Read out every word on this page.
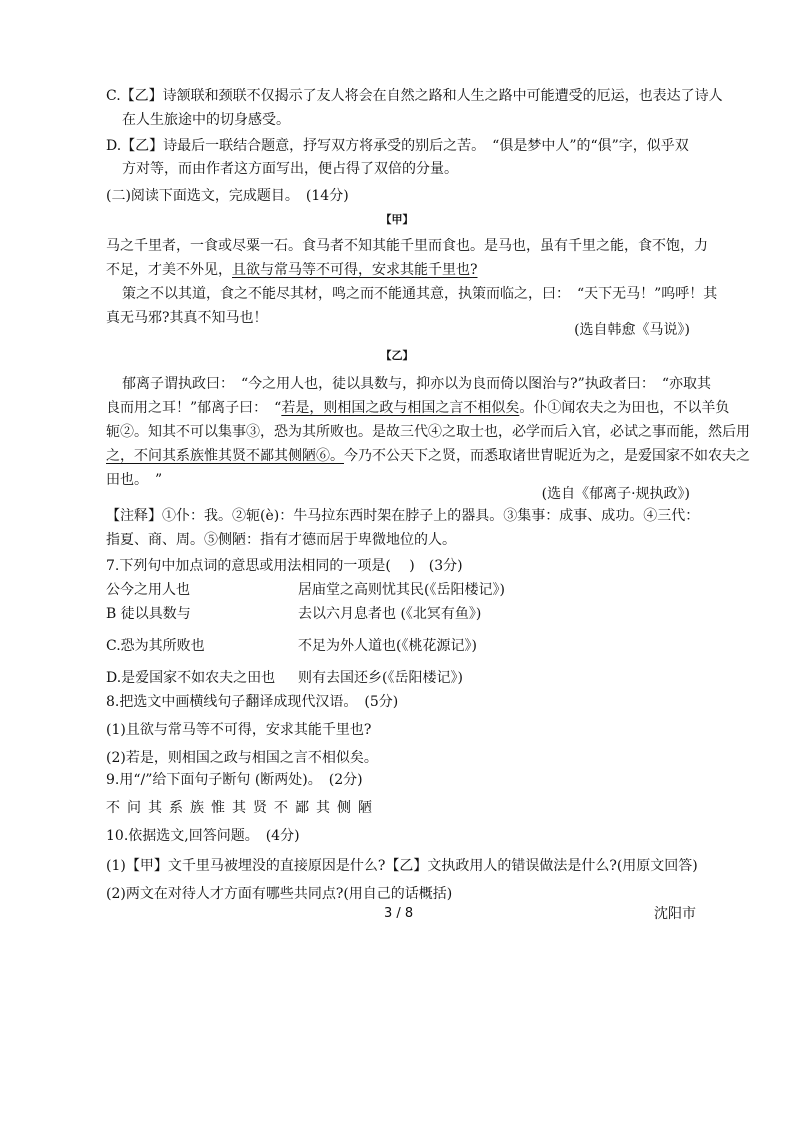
C.【乙】诗颔联和颈联不仅揭示了友人将会在自然之路和人生之路中可能遭受的厄运，也表达了诗人
在人生旅途中的切身感受。
D.【乙】诗最后一联结合题意，抒写双方将承受的别后之苦。　“俱是梦中人”的“俱”字，似乎双
方对等，而由作者这方面写出，便占得了双倍的分量。
(二)阅读下面选文，完成题目。　(14分)
【甲】
马之千里者，一食或尽粟一石。食马者不知其能千里而食也。是马也，虽有千里之能，食不饱，力
不足，才美不外见，且欲与常马等不可得，安求其能千里也?
策之不以其道，食之不能尽其材，鸣之而不能通其意，执策而临之，曰：　“天下无马！”呜呼！其
真无马邪?其真不知马也！
(选自韩愈《马说》)
【乙】
郁离子谓执政曰：　“今之用人也，徒以具数与，抑亦以为良而倚以图治与?”执政者曰：　“亦取其
良而用之耳！”郁离子曰：　“若是，则相国之政与相国之言不相似矣。仆①闻农夫之为田也，不以羊负
轭②。知其不可以集事③，恐为其所败也。是故三代④之取士也，必学而后入官，必试之事而能，然后用
之，不问其系族惟其贤不鄙其侧陋⑥。今乃不公天下之贤，而悉取诸世胄昵近为之，是爱国家不如农夫之
田也。　”
(选自《郁离子·规执政》)
【注释】①仆：我。②轭(è)：牛马拉东西时架在脖子上的器具。③集事：成事、成功。④三代：
指夏、商、周。⑤侧陋：指有才德而居于卑微地位的人。
7.下列句中加点词的意思或用法相同的一项是(　 )　(3分)
公今之用人也	居庙堂之高则忧其民(《岳阳楼记》)
B 徒以具数与	去以六月息者也 (《北冥有鱼》)
C.恐为其所败也	不足为外人道也(《桃花源记》)
D.是爱国家不如农夫之田也 则有去国还乡(《岳阳楼记》)
8.把选文中画横线句子翻译成现代汉语。　(5分)
(1)且欲与常马等不可得，安求其能千里也?
(2)若是，则相国之政与相国之言不相似矣。
9.用“/”给下面句子断句 (断两处)。　(2分)
不问其系族惟其贤不鄙其侧陋
10.依据选文,回答问题。　(4分)
(1)【甲】文千里马被埋没的直接原因是什么?【乙】文执政用人的错误做法是什么?(用原文回答)
(2)两文在对待人才方面有哪些共同点?(用自己的话概括)
3 / 8	沈阳市
